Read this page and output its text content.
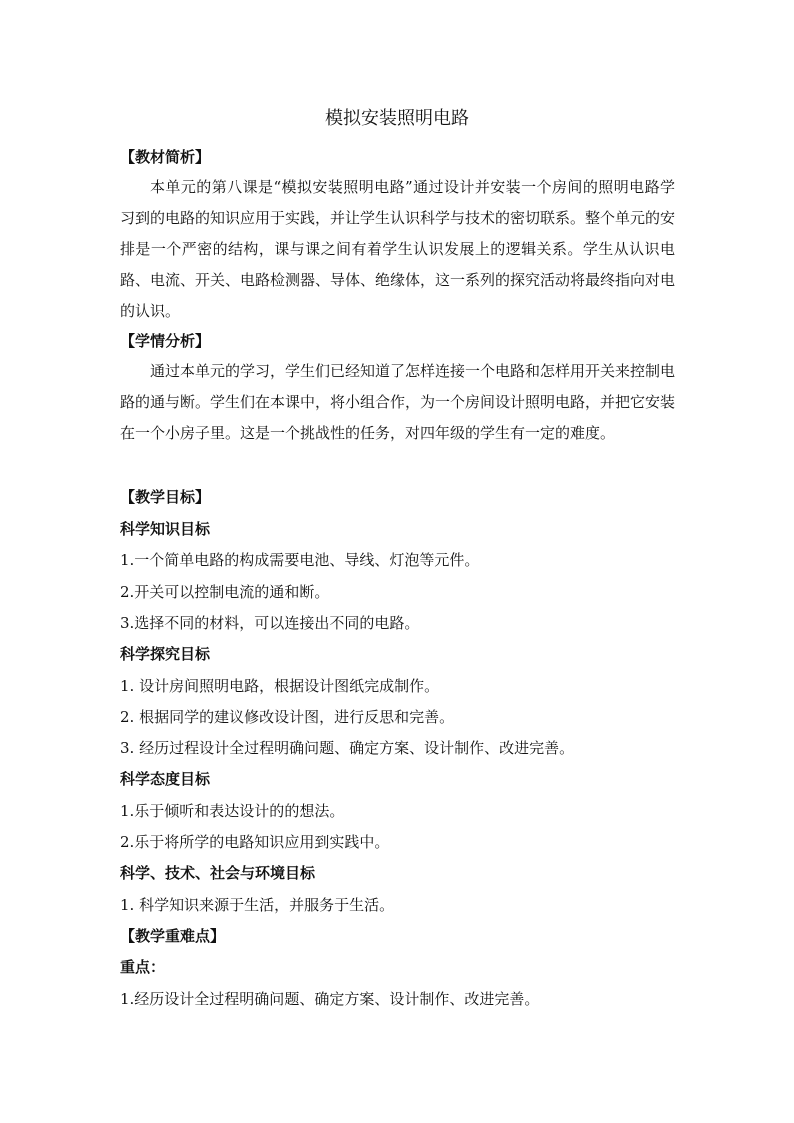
模拟安装照明电路
【教材简析】
本单元的第八课是“模拟安装照明电路”通过设计并安装一个房间的照明电路学习到的电路的知识应用于实践，并让学生认识科学与技术的密切联系。整个单元的安排是一个严密的结构，课与课之间有着学生认识发展上的逻辑关系。学生从认识电路、电流、开关、电路检测器、导体、绝缘体，这一系列的探究活动将最终指向对电的认识。
【学情分析】
通过本单元的学习，学生们已经知道了怎样连接一个电路和怎样用开关来控制电路的通与断。学生们在本课中，将小组合作，为一个房间设计照明电路，并把它安装在一个小房子里。这是一个挑战性的任务，对四年级的学生有一定的难度。
【教学目标】
科学知识目标
1.一个简单电路的构成需要电池、导线、灯泡等元件。
2.开关可以控制电流的通和断。
3.选择不同的材料，可以连接出不同的电路。
科学探究目标
1. 设计房间照明电路，根据设计图纸完成制作。
2. 根据同学的建议修改设计图，进行反思和完善。
3. 经历过程设计全过程明确问题、确定方案、设计制作、改进完善。
科学态度目标
1.乐于倾听和表达设计的的想法。
2.乐于将所学的电路知识应用到实践中。
科学、技术、社会与环境目标
1. 科学知识来源于生活，并服务于生活。
【教学重难点】
重点：
1.经历设计全过程明确问题、确定方案、设计制作、改进完善。
